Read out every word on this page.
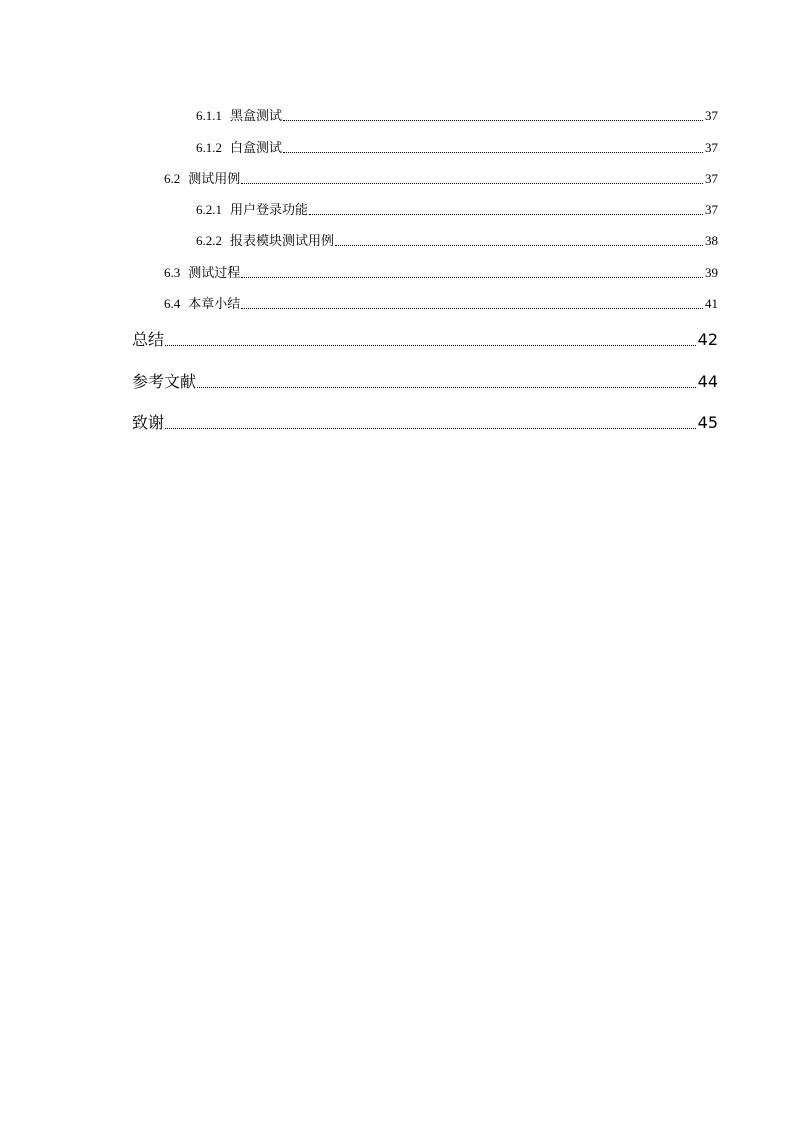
6.1.1 黑盒测试	37
6.1.2 白盒测试	37
6.2 测试用例	37
6.2.1 用户登录功能	37
6.2.2 报表模块测试用例	38
6.3 测试过程	39
6.4 本章小结	41
总结	42
参考文献	44
致谢	45
